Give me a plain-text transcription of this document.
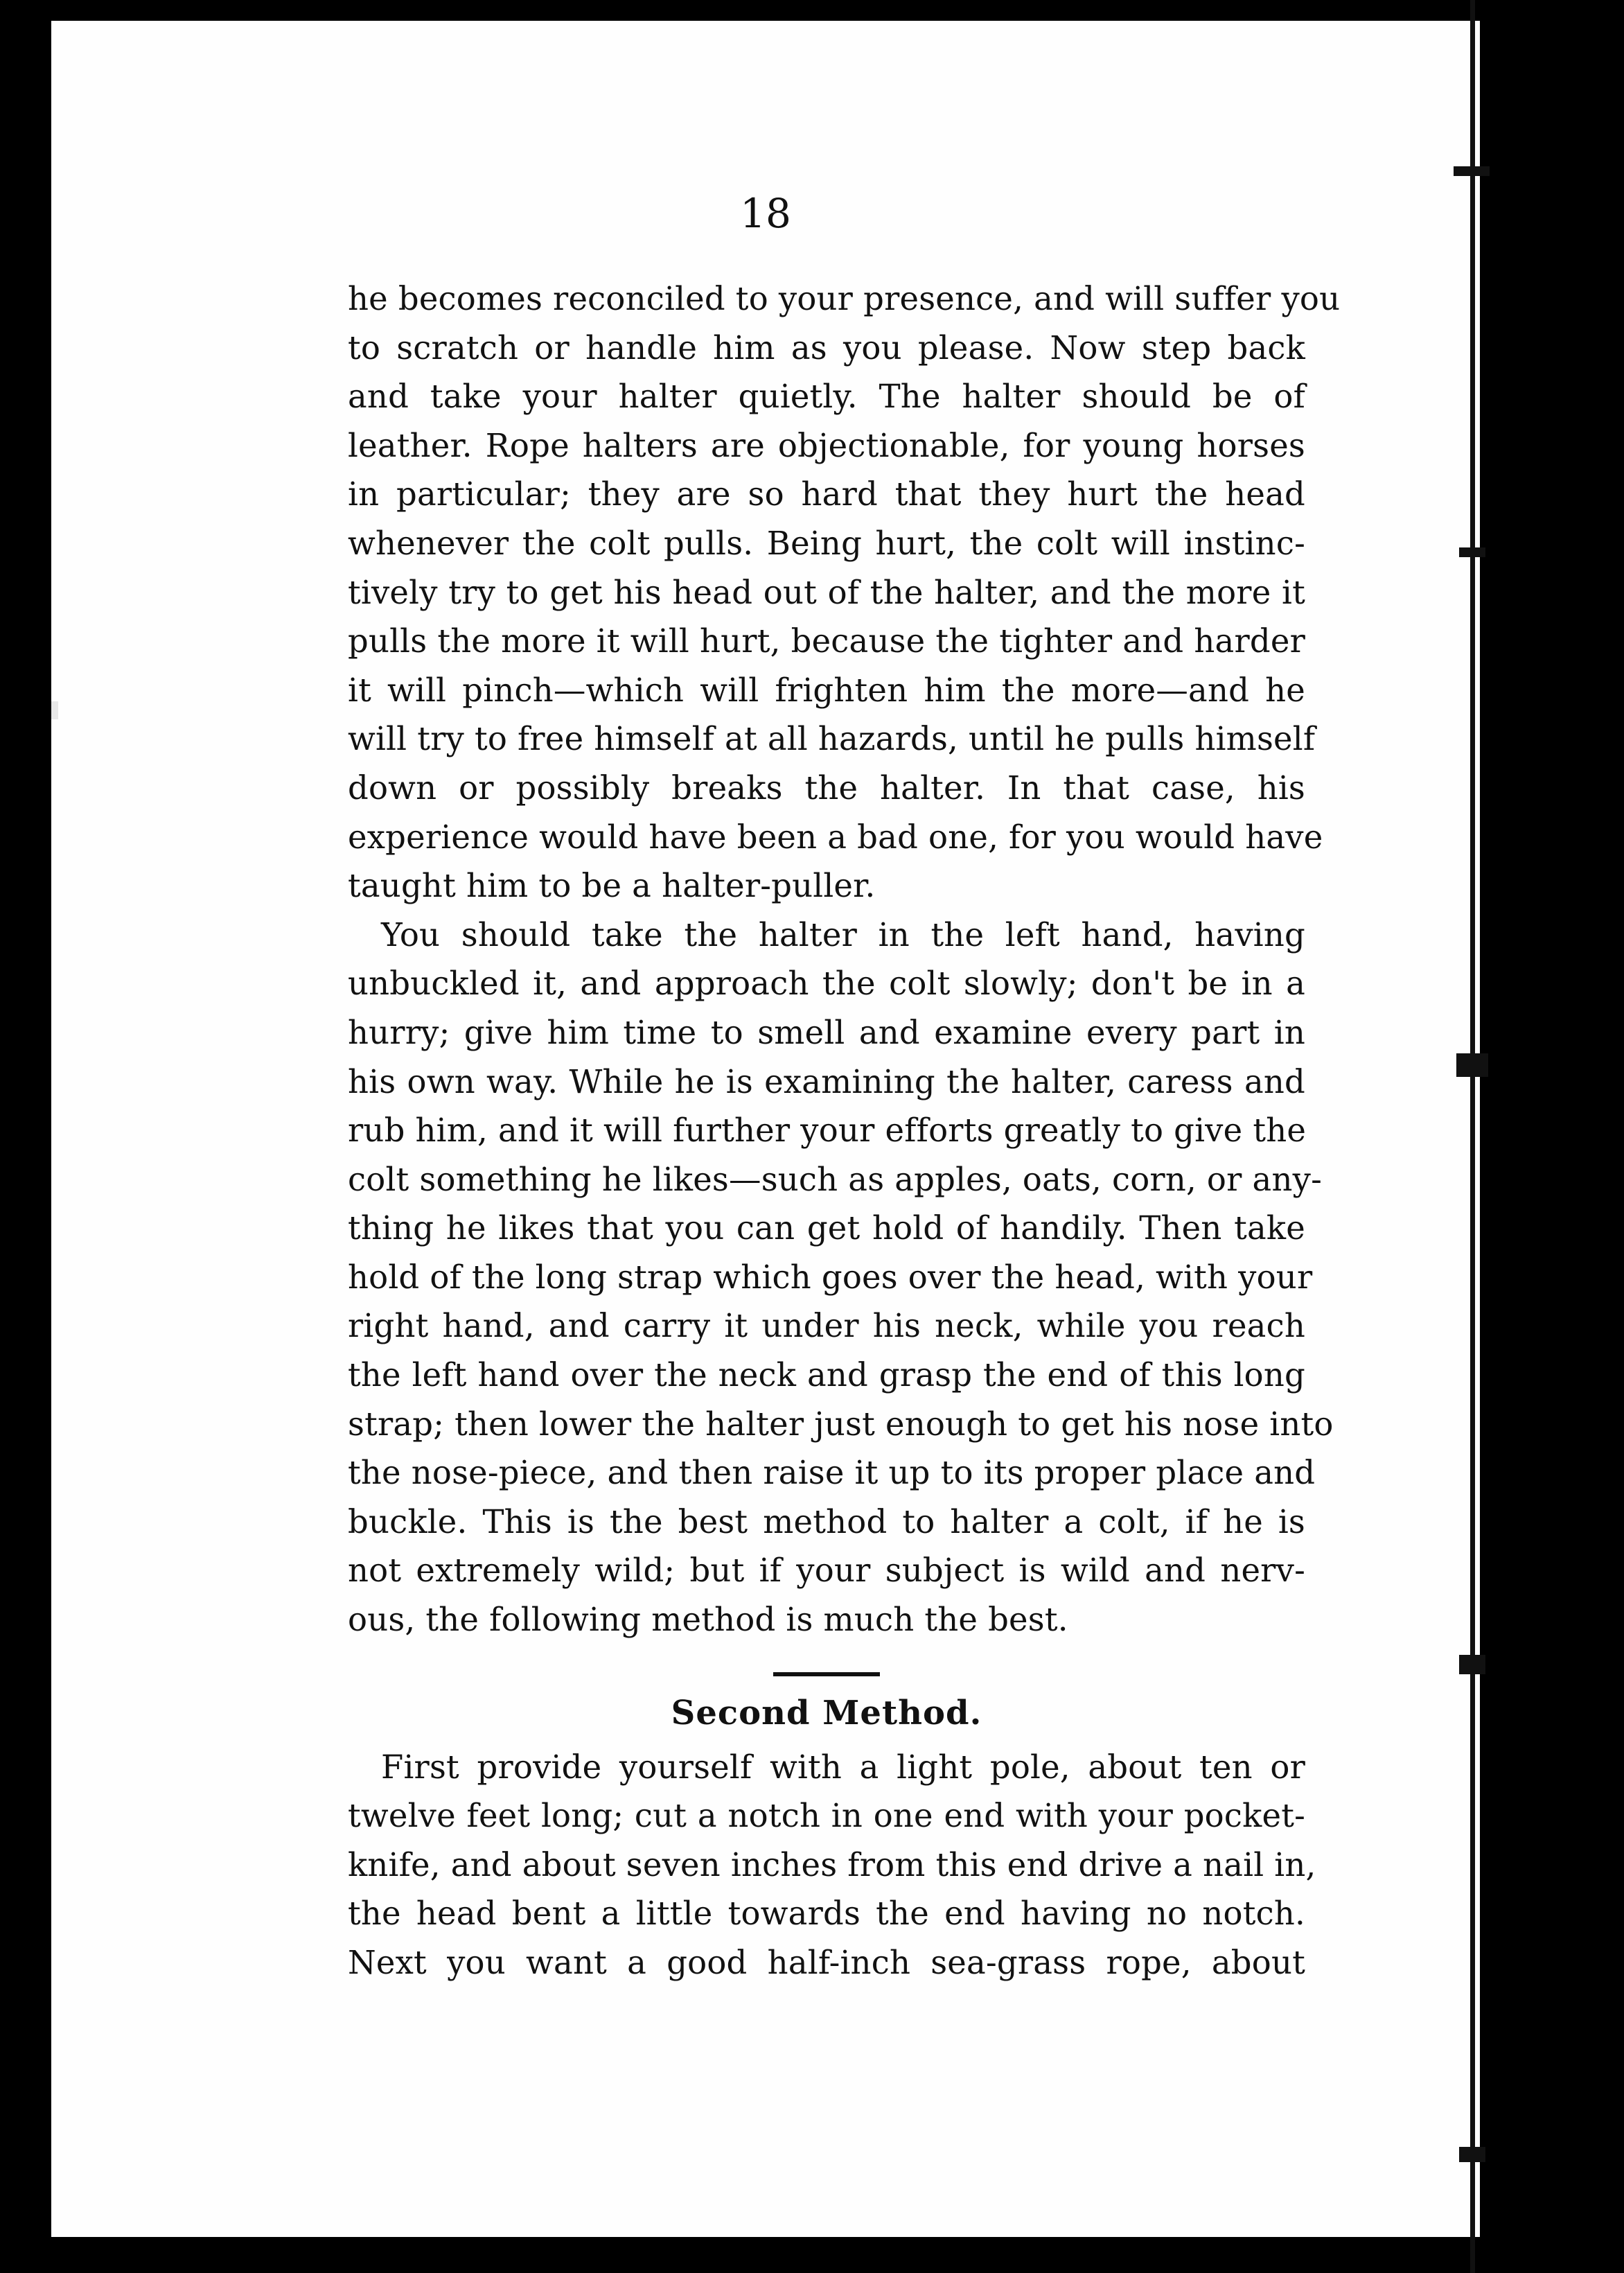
18
he becomes reconciled to your presence, and will suffer you
to scratch or handle him as you please. Now step back
and take your halter quietly. The halter should be of
leather. Rope halters are objectionable, for young horses
in particular; they are so hard that they hurt the head
whenever the colt pulls. Being hurt, the colt will instinc-
tively try to get his head out of the halter, and the more it
pulls the more it will hurt, because the tighter and harder
it will pinch—which will frighten him the more—and he
will try to free himself at all hazards, until he pulls himself
down or possibly breaks the halter. In that case, his
experience would have been a bad one, for you would have
taught him to be a halter-puller.
You should take the halter in the left hand, having
unbuckled it, and approach the colt slowly; don't be in a
hurry; give him time to smell and examine every part in
his own way. While he is examining the halter, caress and
rub him, and it will further your efforts greatly to give the
colt something he likes—such as apples, oats, corn, or any-
thing he likes that you can get hold of handily. Then take
hold of the long strap which goes over the head, with your
right hand, and carry it under his neck, while you reach
the left hand over the neck and grasp the end of this long
strap; then lower the halter just enough to get his nose into
the nose-piece, and then raise it up to its proper place and
buckle. This is the best method to halter a colt, if he is
not extremely wild; but if your subject is wild and nerv-
ous, the following method is much the best.
Second Method.
First provide yourself with a light pole, about ten or
twelve feet long; cut a notch in one end with your pocket-
knife, and about seven inches from this end drive a nail in,
the head bent a little towards the end having no notch.
Next you want a good half-inch sea-grass rope, about
